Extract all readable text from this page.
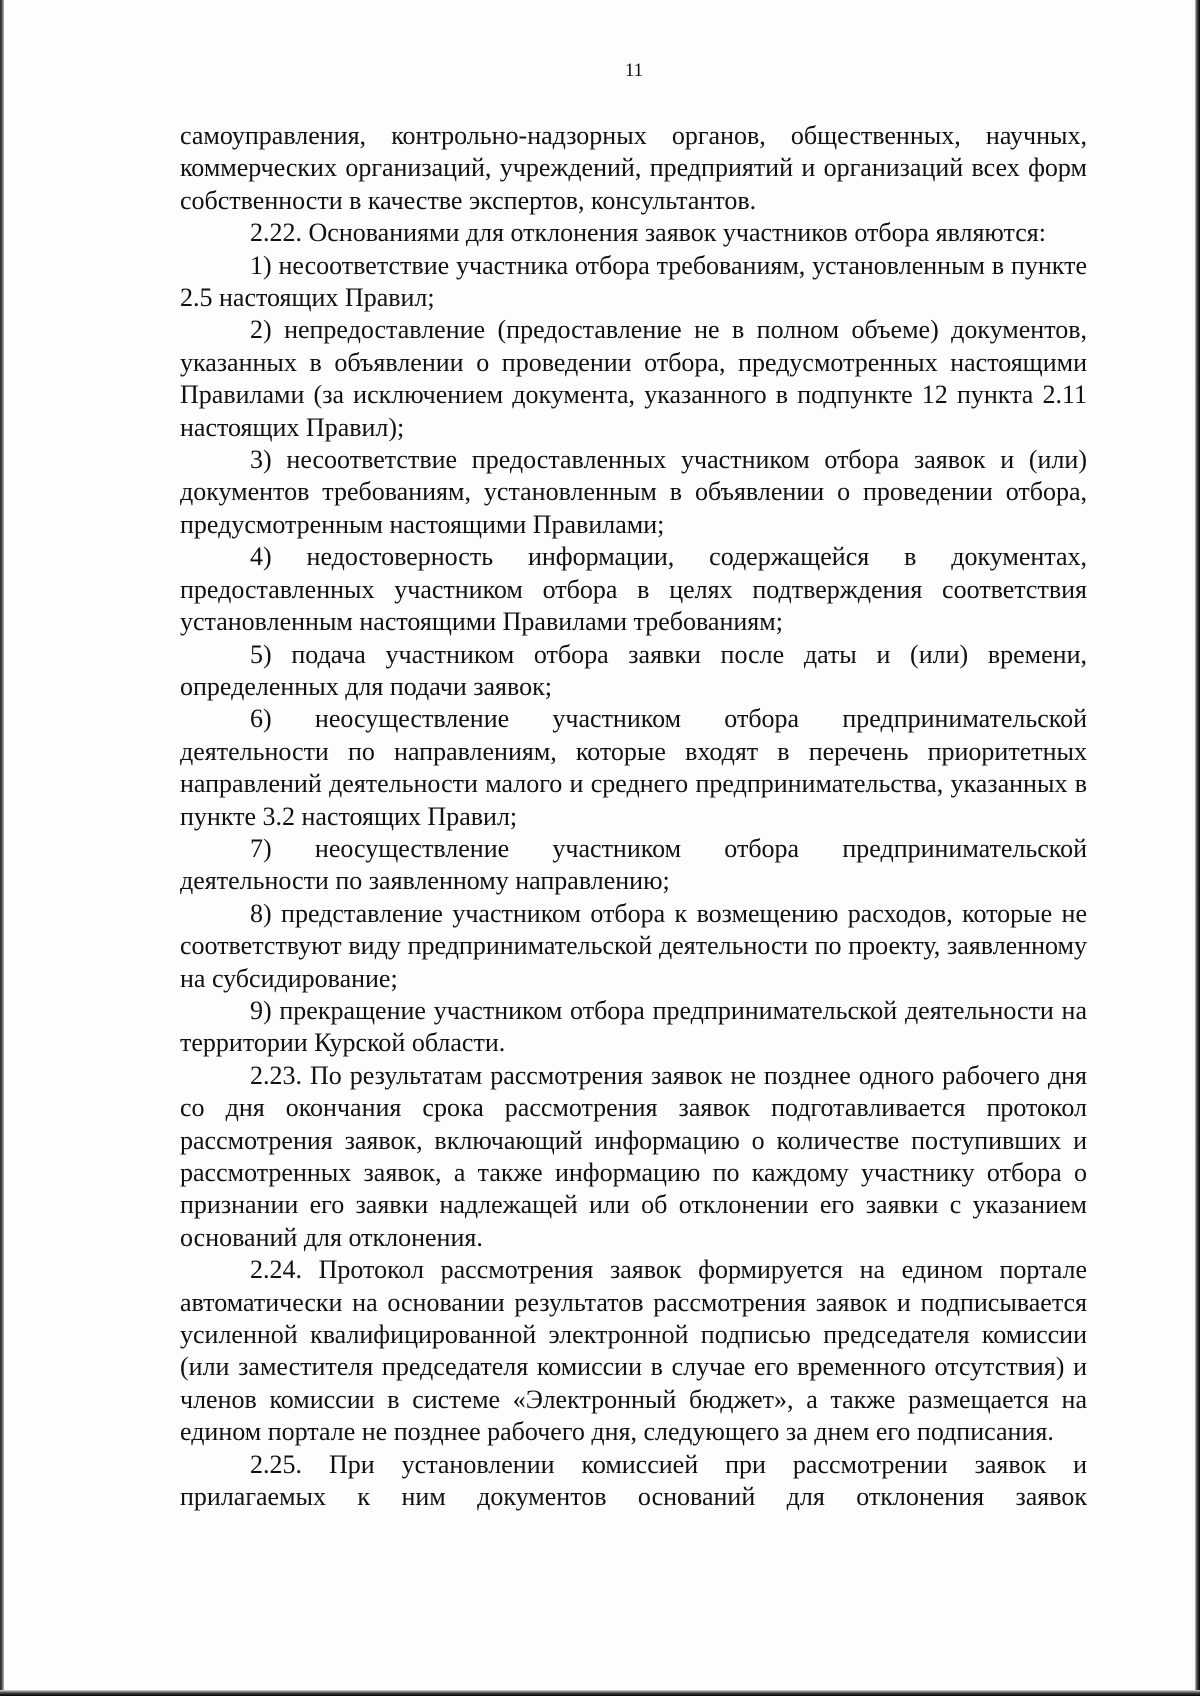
11

самоуправления, контрольно-надзорных органов, общественных, научных, коммерческих организаций, учреждений, предприятий и организаций всех форм собственности в качестве экспертов, консультантов.

2.22. Основаниями для отклонения заявок участников отбора являются:

1) несоответствие участника отбора требованиям, установленным в пункте 2.5 настоящих Правил;

2) непредоставление (предоставление не в полном объеме) документов, указанных в объявлении о проведении отбора, предусмотренных настоящими Правилами (за исключением документа, указанного в подпункте 12 пункта 2.11 настоящих Правил);

3) несоответствие предоставленных участником отбора заявок и (или) документов требованиям, установленным в объявлении о проведении отбора, предусмотренным настоящими Правилами;

4) недостоверность информации, содержащейся в документах, предоставленных участником отбора в целях подтверждения соответствия установленным настоящими Правилами требованиям;

5) подача участником отбора заявки после даты и (или) времени, определенных для подачи заявок;

6) неосуществление участником отбора предпринимательской деятельности по направлениям, которые входят в перечень приоритетных направлений деятельности малого и среднего предпринимательства, указанных в пункте 3.2 настоящих Правил;

7) неосуществление участником отбора предпринимательской деятельности по заявленному направлению;

8) представление участником отбора к возмещению расходов, которые не соответствуют виду предпринимательской деятельности по проекту, заявленному на субсидирование;

9) прекращение участником отбора предпринимательской деятельности на территории Курской области.

2.23. По результатам рассмотрения заявок не позднее одного рабочего дня со дня окончания срока рассмотрения заявок подготавливается протокол рассмотрения заявок, включающий информацию о количестве поступивших и рассмотренных заявок, а также информацию по каждому участнику отбора о признании его заявки надлежащей или об отклонении его заявки с указанием оснований для отклонения.

2.24. Протокол рассмотрения заявок формируется на едином портале автоматически на основании результатов рассмотрения заявок и подписывается усиленной квалифицированной электронной подписью председателя комиссии (или заместителя председателя комиссии в случае его временного отсутствия) и членов комиссии в системе «Электронный бюджет», а также размещается на едином портале не позднее рабочего дня, следующего за днем его подписания.

2.25. При установлении комиссией при рассмотрении заявок и прилагаемых к ним документов оснований для отклонения заявок
